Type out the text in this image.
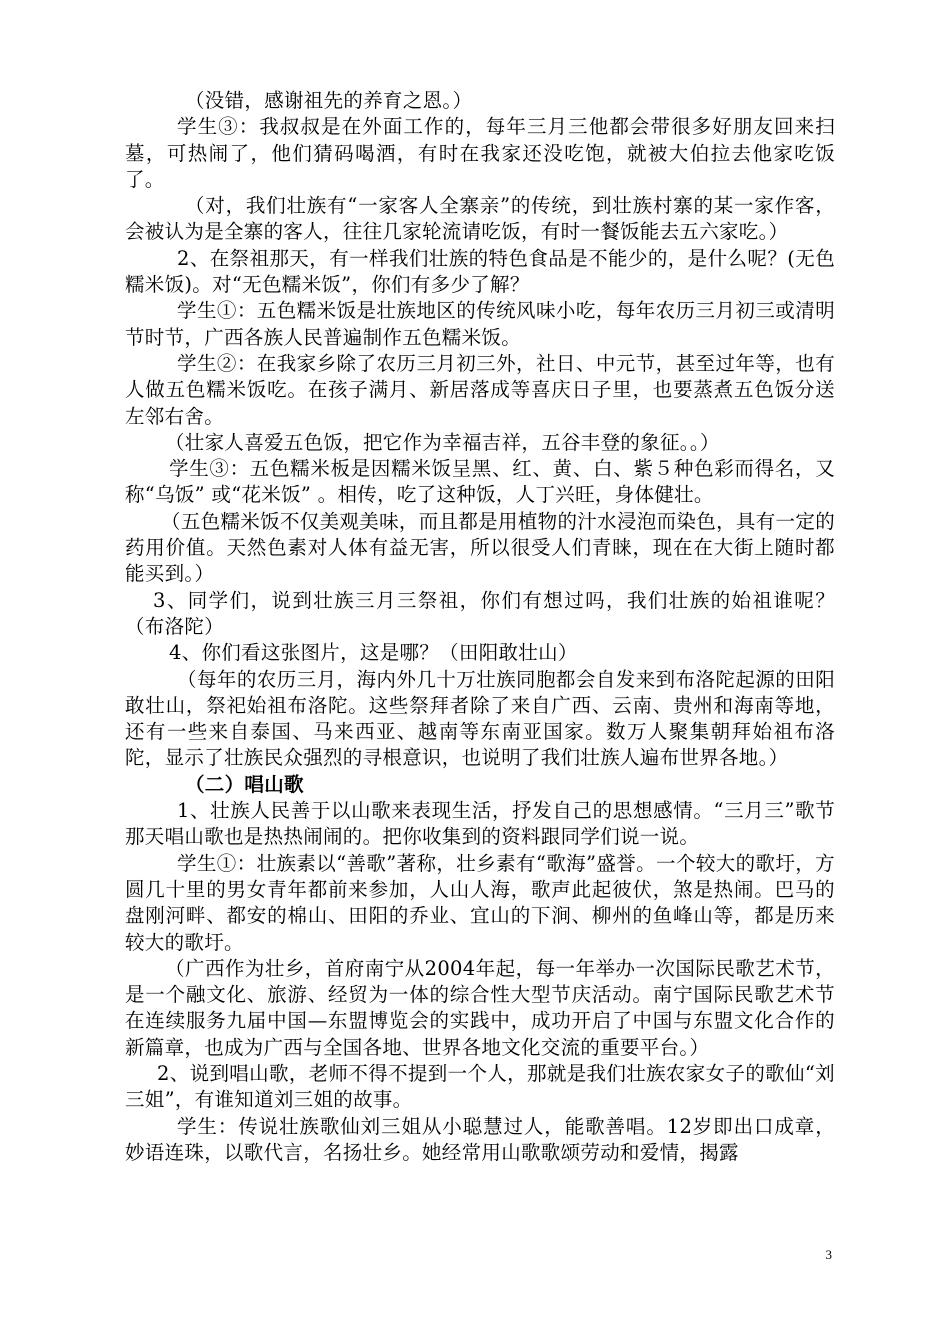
（没错，感谢祖先的养育之恩。）

学生③：我叔叔是在外面工作的，每年三月三他都会带很多好朋友回来扫墓，可热闹了，他们猜码喝酒，有时在我家还没吃饱，就被大伯拉去他家吃饭了。

（对，我们壮族有“一家客人全寨亲”的传统，到壮族村寨的某一家作客，会被认为是全寨的客人，往往几家轮流请吃饭，有时一餐饭能去五六家吃。）

2、在祭祖那天，有一样我们壮族的特色食品是不能少的，是什么呢？(无色糯米饭)。对“无色糯米饭”，你们有多少了解？

学生①：五色糯米饭是壮族地区的传统风味小吃，每年农历三月初三或清明节时节，广西各族人民普遍制作五色糯米饭。

学生②：在我家乡除了农历三月初三外，社日、中元节，甚至过年等，也有人做五色糯米饭吃。在孩子满月、新居落成等喜庆日子里，也要蒸煮五色饭分送左邻右舍。

（壮家人喜爱五色饭，把它作为幸福吉祥，五谷丰登的象征。。）

学生③：五色糯米板是因糯米饭呈黑、红、黄、白、紫５种色彩而得名，又称“乌饭” 或“花米饭” 。相传，吃了这种饭，人丁兴旺，身体健壮。

（五色糯米饭不仅美观美味，而且都是用植物的汁水浸泡而染色，具有一定的药用价值。天然色素对人体有益无害，所以很受人们青睐，现在在大街上随时都能买到。）

3、同学们，说到壮族三月三祭祖，你们有想过吗，我们壮族的始祖谁呢？（布洛陀）

4、你们看这张图片，这是哪？（田阳敢壮山）

（每年的农历三月，海内外几十万壮族同胞都会自发来到布洛陀起源的田阳敢壮山，祭祀始祖布洛陀。这些祭拜者除了来自广西、云南、贵州和海南等地，还有一些来自泰国、马来西亚、越南等东南亚国家。数万人聚集朝拜始祖布洛陀，显示了壮族民众强烈的寻根意识，也说明了我们壮族人遍布世界各地。）

（二）唱山歌

1、壮族人民善于以山歌来表现生活，抒发自己的思想感情。“三月三”歌节那天唱山歌也是热热闹闹的。把你收集到的资料跟同学们说一说。

学生①：壮族素以“善歌”著称，壮乡素有“歌海”盛誉。一个较大的歌圩，方圆几十里的男女青年都前来参加，人山人海，歌声此起彼伏，煞是热闹。巴马的盘刚河畔、都安的棉山、田阳的乔业、宜山的下涧、柳州的鱼峰山等，都是历来较大的歌圩。

（广西作为壮乡，首府南宁从2004年起，每一年举办一次国际民歌艺术节，是一个融文化、旅游、经贸为一体的综合性大型节庆活动。南宁国际民歌艺术节在连续服务九届中国—东盟博览会的实践中，成功开启了中国与东盟文化合作的新篇章，也成为广西与全国各地、世界各地文化交流的重要平台。）

2、说到唱山歌，老师不得不提到一个人，那就是我们壮族农家女子的歌仙“刘三姐”，有谁知道刘三姐的故事。

学生：传说壮族歌仙刘三姐从小聪慧过人，能歌善唱。12岁即出口成章，妙语连珠，以歌代言，名扬壮乡。她经常用山歌歌颂劳动和爱情，揭露

3
